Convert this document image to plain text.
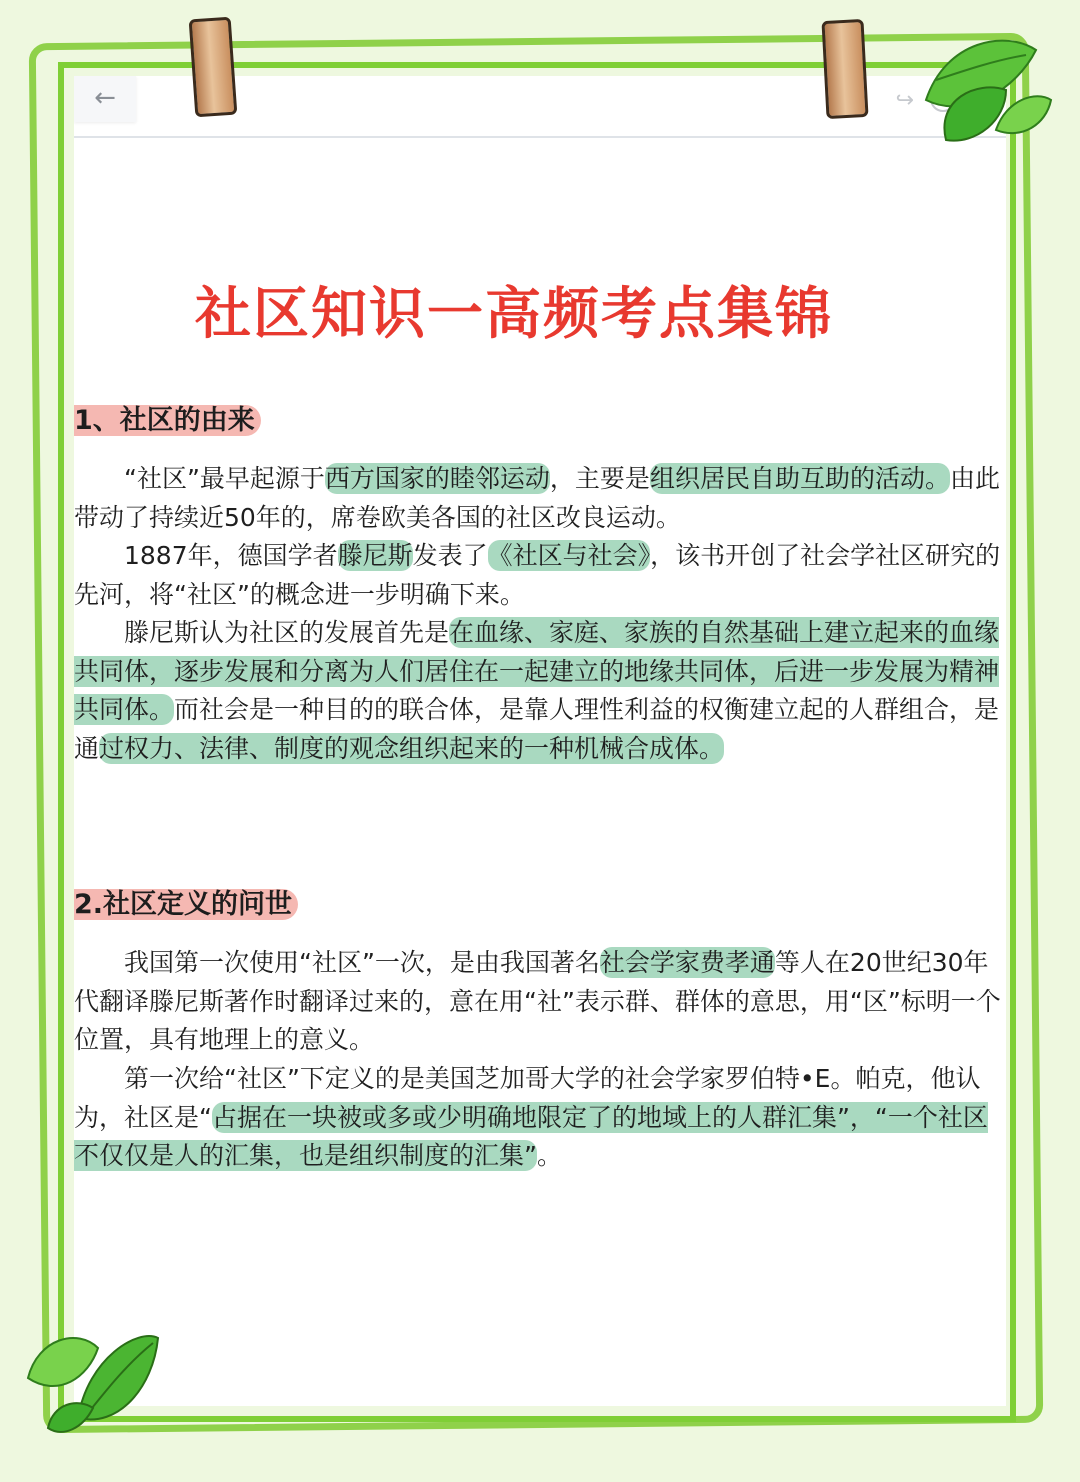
←	↪
社区知识一高频考点集锦
1、社区的由来

“社区”最早起源于西方国家的睦邻运动，主要是组织居民自助互助的活动。由此带动了持续近50年的，席卷欧美各国的社区改良运动。

1887年，德国学者滕尼斯发表了《社区与社会》，该书开创了社会学社区研究的先河，将“社区”的概念进一步明确下来。

滕尼斯认为社区的发展首先是在血缘、家庭、家族的自然基础上建立起来的血缘共同体，逐步发展和分离为人们居住在一起建立的地缘共同体，后进一步发展为精神共同体。而社会是一种目的的联合体，是靠人理性利益的权衡建立起的人群组合，是通过权力、法律、制度的观念组织起来的一种机械合成体。

2.社区定义的问世

我国第一次使用“社区”一次，是由我国著名社会学家费孝通等人在20世纪30年代翻译滕尼斯著作时翻译过来的，意在用“社”表示群、群体的意思，用“区”标明一个位置，具有地理上的意义。

第一次给“社区”下定义的是美国芝加哥大学的社会学家罗伯特•E。帕克，他认为，社区是“占据在一块被或多或少明确地限定了的地域上的人群汇集”，“一个社区不仅仅是人的汇集，也是组织制度的汇集”。
